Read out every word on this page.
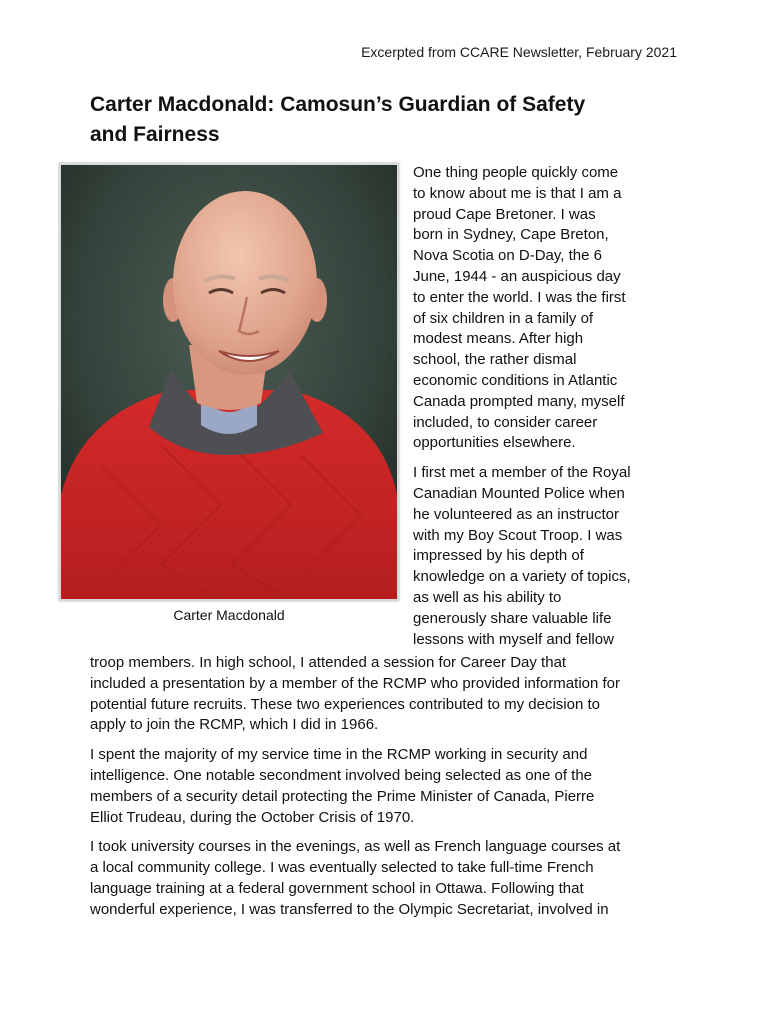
Excerpted from CCARE Newsletter, February 2021
Carter Macdonald: Camosun’s Guardian of Safety
and Fairness
Carter Macdonald

One thing people quickly come
to know about me is that I am a
proud Cape Bretoner. I was
born in Sydney, Cape Breton,
Nova Scotia on D-Day, the 6
June, 1944 - an auspicious day
to enter the world. I was the first
of six children in a family of
modest means. After high
school, the rather dismal
economic conditions in Atlantic
Canada prompted many, myself
included, to consider career
opportunities elsewhere.

I first met a member of the Royal
Canadian Mounted Police when
he volunteered as an instructor
with my Boy Scout Troop. I was
impressed by his depth of
knowledge on a variety of topics,
as well as his ability to
generously share valuable life
lessons with myself and fellow

troop members. In high school, I attended a session for Career Day that
included a presentation by a member of the RCMP who provided information for
potential future recruits. These two experiences contributed to my decision to
apply to join the RCMP, which I did in 1966.

I spent the majority of my service time in the RCMP working in security and
intelligence. One notable secondment involved being selected as one of the
members of a security detail protecting the Prime Minister of Canada, Pierre
Elliot Trudeau, during the October Crisis of 1970.

I took university courses in the evenings, as well as French language courses at
a local community college. I was eventually selected to take full-time French
language training at a federal government school in Ottawa. Following that
wonderful experience, I was transferred to the Olympic Secretariat, involved in
